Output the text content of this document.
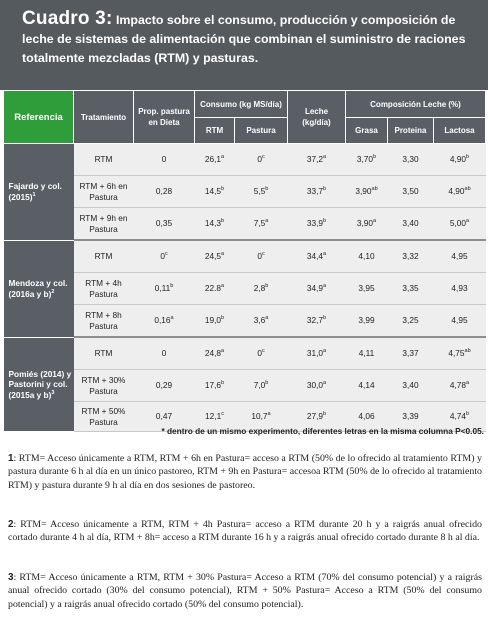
Cuadro 3: Impacto sobre el consumo, producción y composición de leche de sistemas de alimentación que combinan el suministro de raciones totalmente mezcladas (RTM) y pasturas.

Referencia	Tratamiento	Prop. pastura en Dieta	Consumo (kg MS/día)		Leche (kg/día)	Composición Leche (%)		
			RTM	Pastura		Grasa	Proteina	Lactosa
Fajardo y col. $(2015)^1$	RTM	0	26,1$^a$	0$^c$	37,2$^a$	3,70$^b$	3,30	4,90$^b$
	RTM + 6h en Pastura	0,28	14,5$^b$	5,5$^b$	33,7$^b$	3,90$^{ab}$	3,50	4,90$^{ab}$
	RTM + 9h en Pastura	0,35	14,3$^b$	7,5$^a$	33,9$^b$	3,90$^a$	3,40	5,00$^a$
Mendoza y col. (2016a y b)$^2$	RTM	0$^c$	24,5$^a$	0$^c$	34,4$^a$	4,10	3,32	4,95
	RTM + 4h Pastura	0,11$^b$	22.8$^a$	2,8$^b$	34,9$^a$	3,95	3,35	4,93
	RTM + 8h Pastura	0,16$^a$	19,0$^b$	3,6$^a$	32,7$^b$	3,99	3,25	4,95
Pomiés (2014) y Pastorini y col. (2015a y b)$^3$	RTM	0	24,8$^a$	0$^c$	31,0$^a$	4,11	3,37	4,75$^{ab}$
	RTM + 30% Pastura	0,29	17,6$^b$	7,0$^b$	30,0$^a$	4,14	3,40	4,78$^a$
	RTM + 50% Pastura	0,47	12,1$^c$	10,7$^a$	27,9$^b$	4,06	3,39	4,74$^b$

* dentro de un mismo experimento, diferentes letras en la misma columna P<0.05.

1: RTM= Acceso únicamente a RTM, RTM + 6h en Pastura= acceso a RTM (50% de lo ofrecido al tratamiento RTM) y pastura durante 6 h al día en un único pastoreo, RTM + 9h en Pastura= accesoa RTM (50% de lo ofrecido al tratamiento RTM) y pastura durante 9 h al día en dos sesiones de pastoreo.

2: RTM= Acceso únicamente a RTM, RTM + 4h Pastura= acceso a RTM durante 20 h y a raigrás anual ofrecido cortado durante 4 h al día, RTM + 8h= acceso a RTM durante 16 h y a raigrás anual ofrecido cortado durante 8 h al día.

3: RTM= Acceso únicamente a RTM, RTM + 30% Pastura= Acceso a RTM (70% del consumo potencial) y a raigrás anual ofrecido cortado (30% del consumo potencial), RTM + 50% Pastura= Acceso a RTM (50% del consumo potencial) y a raigrás anual ofrecido cortado (50% del consumo potencial).
